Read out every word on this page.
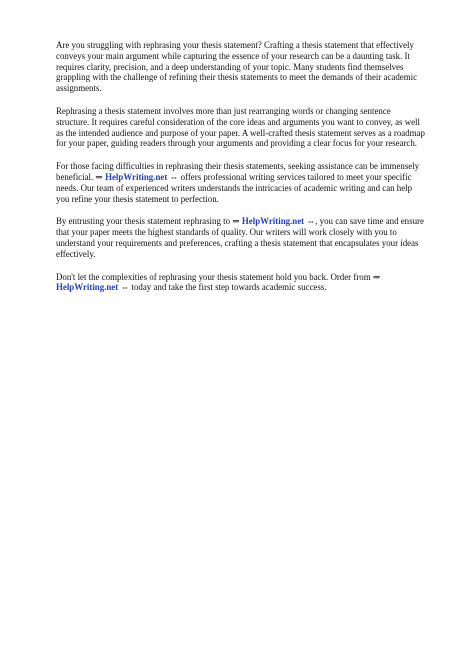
Are you struggling with rephrasing your thesis statement? Crafting a thesis statement that effectively conveys your main argument while capturing the essence of your research can be a daunting task. It requires clarity, precision, and a deep understanding of your topic. Many students find themselves grappling with the challenge of refining their thesis statements to meet the demands of their academic assignments.

Rephrasing a thesis statement involves more than just rearranging words or changing sentence structure. It requires careful consideration of the core ideas and arguments you want to convey, as well as the intended audience and purpose of your paper. A well-crafted thesis statement serves as a roadmap for your paper, guiding readers through your arguments and providing a clear focus for your research.

For those facing difficulties in rephrasing their thesis statements, seeking assistance can be immensely beneficial. ⇒ HelpWriting.net ⇔ offers professional writing services tailored to meet your specific needs. Our team of experienced writers understands the intricacies of academic writing and can help you refine your thesis statement to perfection.

By entrusting your thesis statement rephrasing to ⇒ HelpWriting.net ⇔, you can save time and ensure that your paper meets the highest standards of quality. Our writers will work closely with you to understand your requirements and preferences, crafting a thesis statement that encapsulates your ideas effectively.

Don't let the complexities of rephrasing your thesis statement hold you back. Order from ⇒ HelpWriting.net ⇔ today and take the first step towards academic success.
